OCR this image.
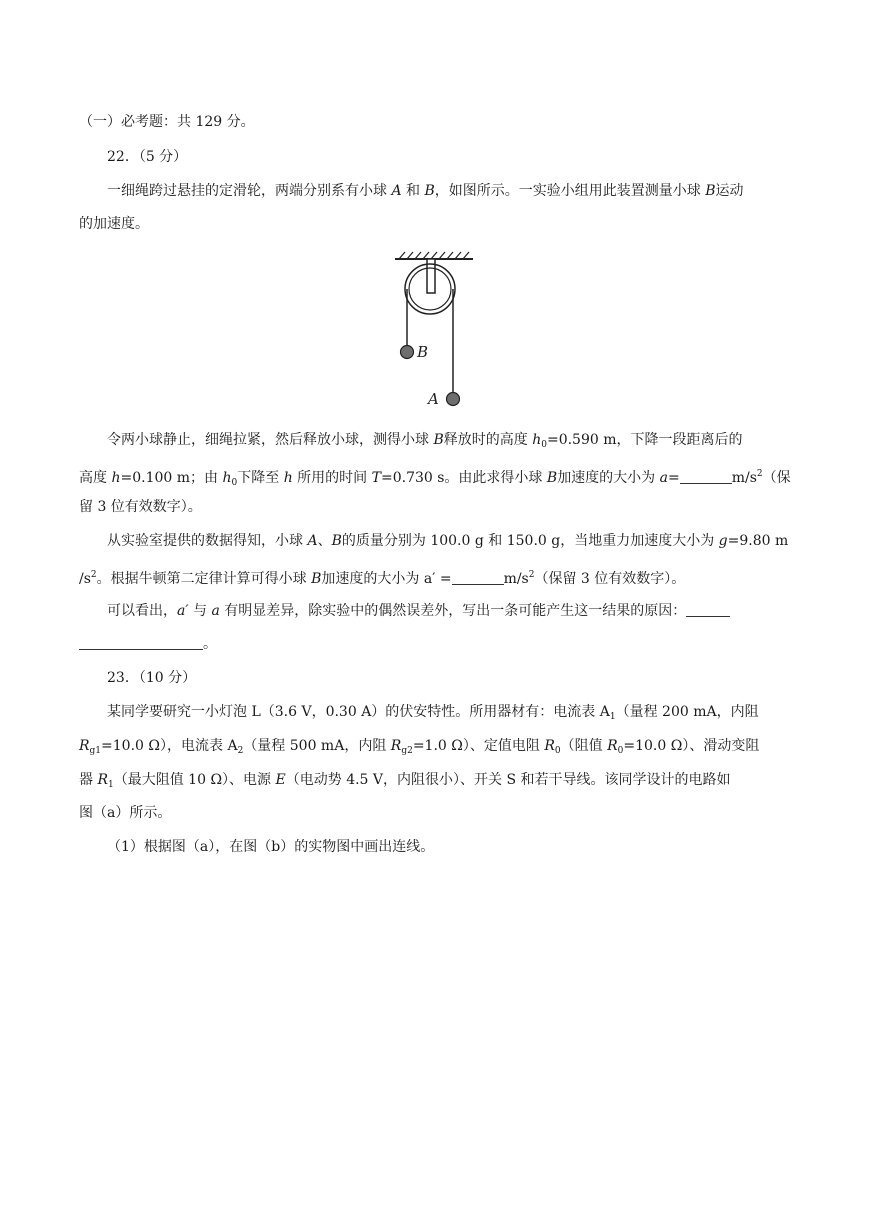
（一）必考题：共 129 分。
22．（5 分）
一细绳跨过悬挂的定滑轮，两端分别系有小球 A 和 B，如图所示。一实验小组用此装置测量小球 B运动
的加速度。
B
A
令两小球静止，细绳拉紧，然后释放小球，测得小球 B释放时的高度 $h_0=0.590$ m，下降一段距离后的
高度 h=0.100 m；由 $h_0$下降至 h 所用的时间 T=0.730 s。由此求得小球 B加速度的大小为 a=	$m/s^2$（保
留 3 位有效数字）。
从实验室提供的数据得知，小球 A、B的质量分别为 100.0 g 和 150.0 g，当地重力加速度大小为 g=9.80 m
$/s^2$。根据牛顿第二定律计算可得小球 B加速度的大小为 a′ =	$m/s^2$（保留 3 位有效数字）。
可以看出，a′ 与 a 有明显差异，除实验中的偶然误差外，写出一条可能产生这一结果的原因：
。
23．（10 分）
某同学要研究一小灯泡 L（3.6 V，0.30 A）的伏安特性。所用器材有：电流表 $A_1$（量程 200 mA，内阻
$R_{g1}=10.0$ Ω），电流表 $A_2$（量程 500 mA，内阻 $R_{g2}=1.0$ Ω）、定值电阻 $R_0$（阻值 $R_0=10.0$ Ω）、滑动变阻
器 $R_1$（最大阻值 10 Ω）、电源 E（电动势 4.5 V，内阻很小）、开关 S 和若干导线。该同学设计的电路如
图（a）所示。
（1）根据图（a），在图（b）的实物图中画出连线。
